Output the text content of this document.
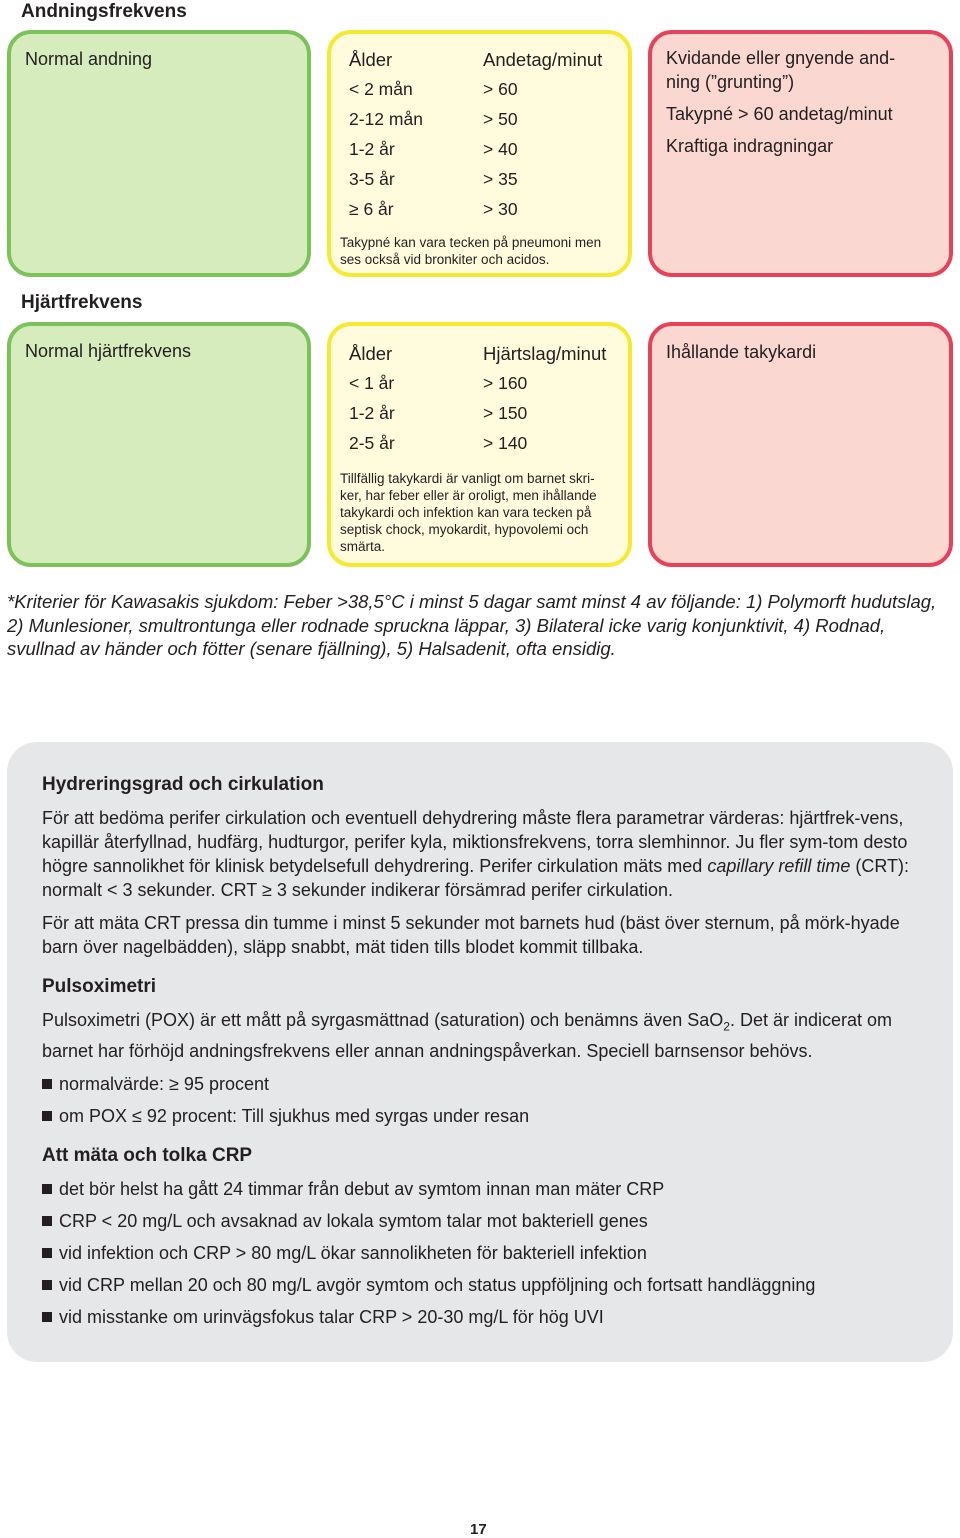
Andningsfrekvens

Normal andning	Ålder	Andetag/minut
< 2 mån	> 60
2-12 mån	> 50
1-2 år	> 40
3-5 år	> 35
≥ 6 år	> 30
Takypné kan vara tecken på pneumoni men
ses också vid bronkiter och acidos.
Kvidande eller gnyende and-
ning (”grunting”)
Takypné > 60 andetag/minut
Kraftiga indragningar
Hjärtfrekvens

Normal hjärtfrekvens	Ålder	Hjärtslag/minut
< 1 år	> 160
1-2 år	> 150
2-5 år	> 140
Tillfällig takykardi är vanligt om barnet skri-
ker, har feber eller är oroligt, men ihållande
takykardi och infektion kan vara tecken på
septisk chock, myokardit, hypovolemi och
smärta.
Ihållande takykardi

*Kriterier för Kawasakis sjukdom: Feber >38,5°C i minst 5 dagar samt minst 4 av följande: 1) Polymorft hudutslag, 2) Munlesioner, smultrontunga eller rodnade spruckna läppar, 3) Bilateral icke varig konjunktivit, 4) Rodnad, svullnad av händer och fötter (senare fjällning), 5) Halsadenit, ofta ensidig.

Hydreringsgrad och cirkulation

För att bedöma perifer cirkulation och eventuell dehydrering måste flera parametrar värderas: hjärtfrek-vens, kapillär återfyllnad, hudfärg, hudturgor, perifer kyla, miktionsfrekvens, torra slemhinnor. Ju fler sym-tom desto högre sannolikhet för klinisk betydelsefull dehydrering. Perifer cirkulation mäts med capillary refill time (CRT): normalt < 3 sekunder. CRT ≥ 3 sekunder indikerar försämrad perifer cirkulation.

För att mäta CRT pressa din tumme i minst 5 sekunder mot barnets hud (bäst över sternum, på mörk-hyade barn över nagelbädden), släpp snabbt, mät tiden tills blodet kommit tillbaka.

Pulsoximetri

Pulsoximetri (POX) är ett mått på syrgasmättnad (saturation) och benämns även SaO$_2$. Det är indicerat om barnet har förhöjd andningsfrekvens eller annan andningspåverkan. Speciell barnsensor behövs.

normalvärde: ≥ 95 procent
om POX ≤ 92 procent: Till sjukhus med syrgas under resan
Att mäta och tolka CRP
det bör helst ha gått 24 timmar från debut av symtom innan man mäter CRP
CRP < 20 mg/L och avsaknad av lokala symtom talar mot bakteriell genes
vid infektion och CRP > 80 mg/L ökar sannolikheten för bakteriell infektion
vid CRP mellan 20 och 80 mg/L avgör symtom och status uppföljning och fortsatt handläggning
vid misstanke om urinvägsfokus talar CRP > 20-30 mg/L för hög UVI
17
